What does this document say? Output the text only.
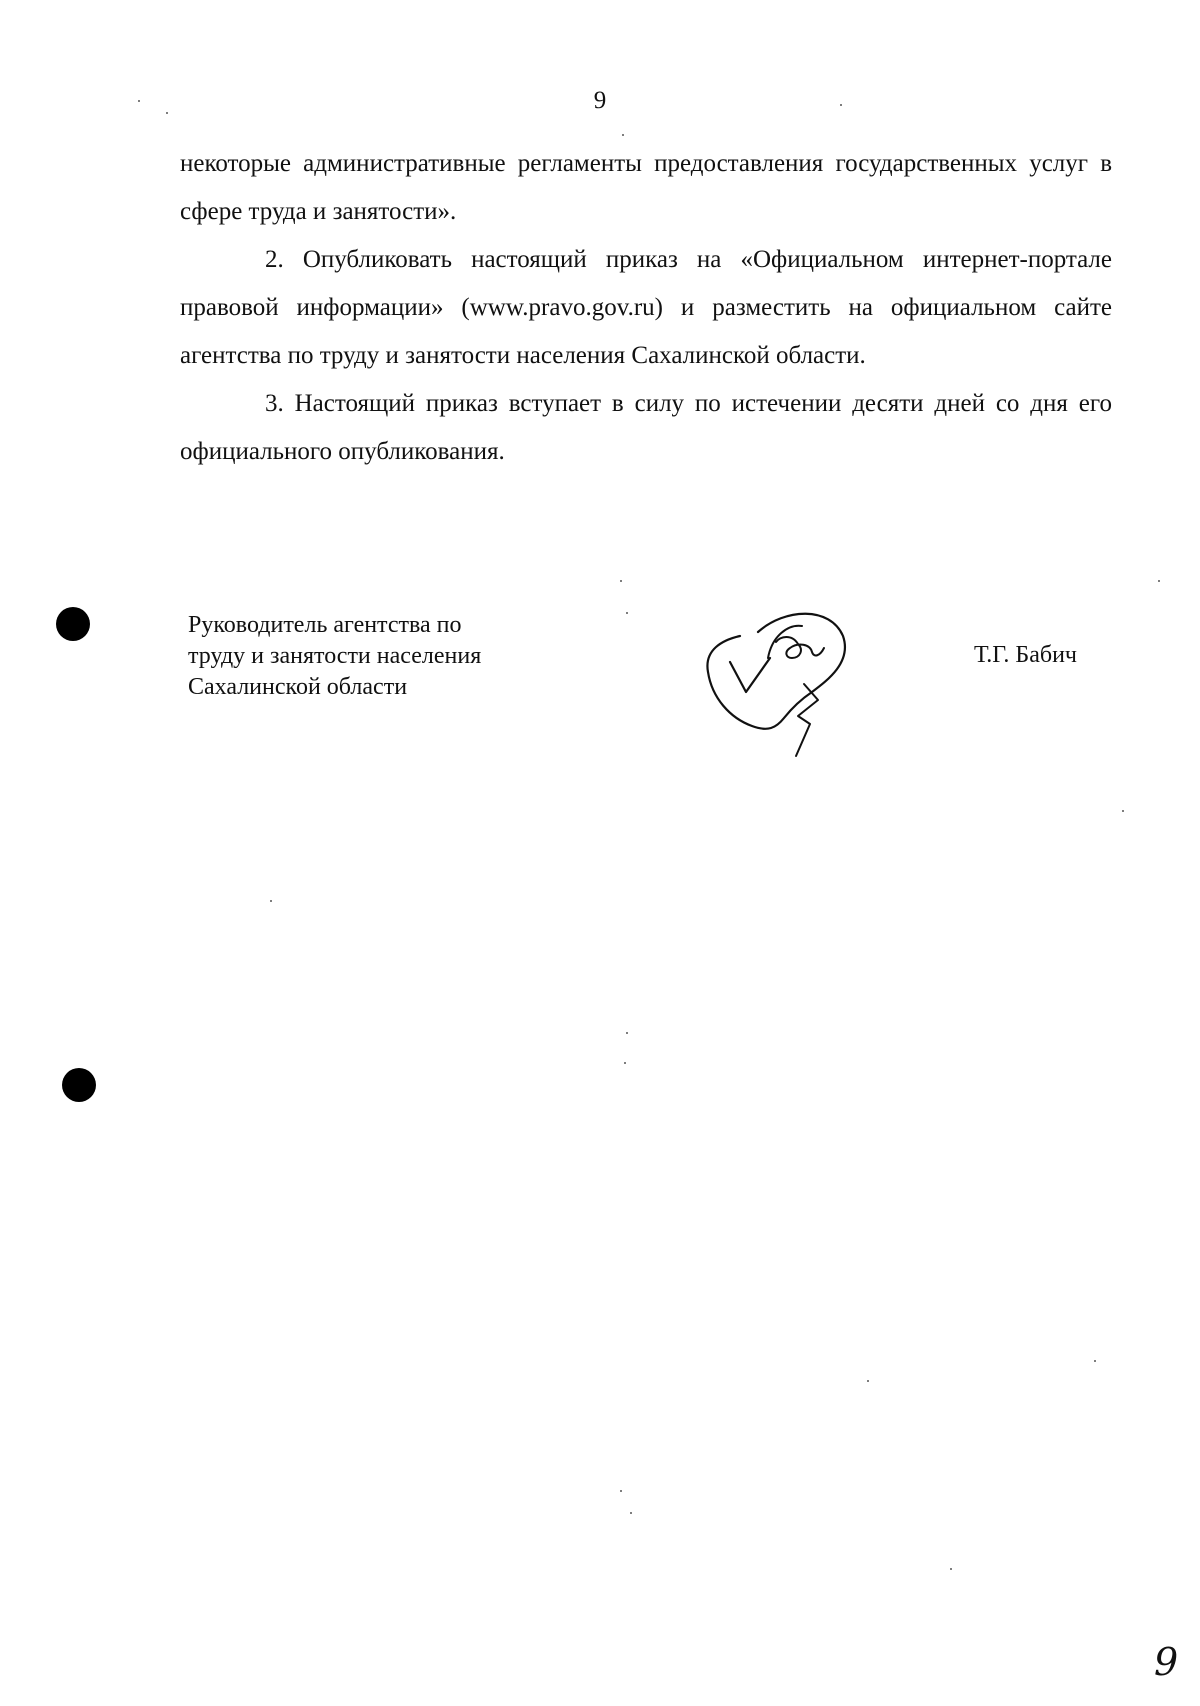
9

некоторые административные регламенты предоставления государственных услуг в сфере труда и занятости».

2. Опубликовать настоящий приказ на «Официальном интернет-портале правовой информации» (www.pravo.gov.ru) и разместить на официальном сайте агентства по труду и занятости населения Сахалинской области.

3. Настоящий приказ вступает в силу по истечении десяти дней со дня его официального опубликования.

Руководитель агентства по
труду и занятости населения
Сахалинской области
Т.Г. Бабич
9
